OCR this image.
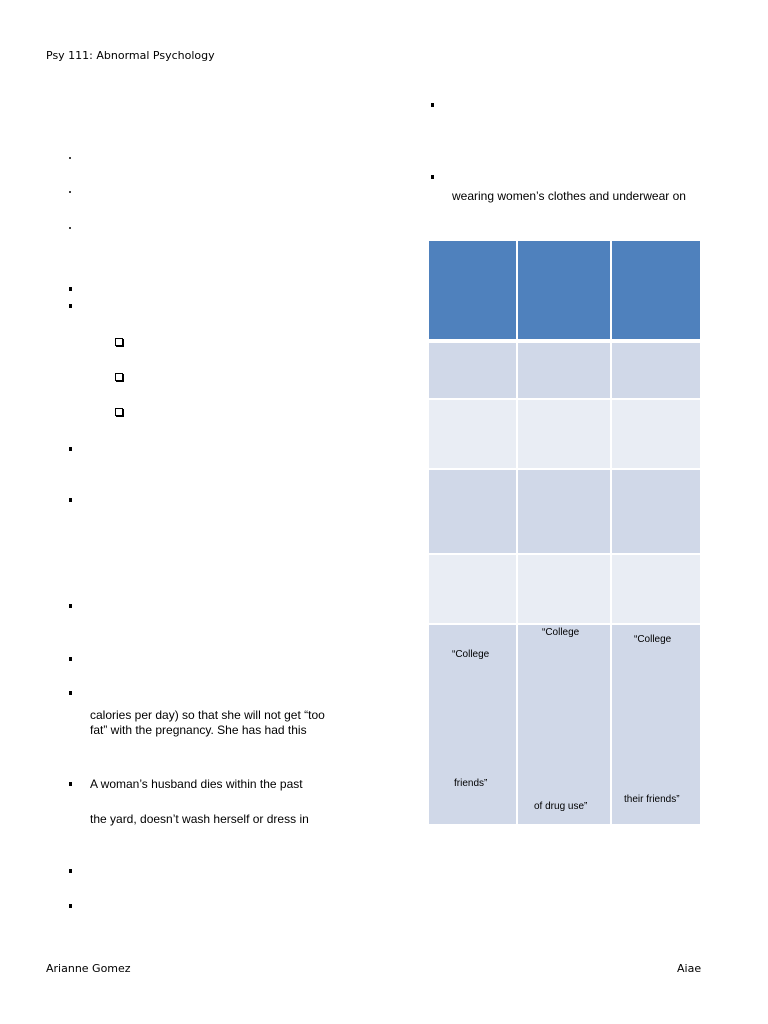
Psy 111: Abnormal Psychology
calories per day) so that she will not get “too
fat” with the pregnancy. She has had this
A woman’s husband dies within the past
the yard, doesn’t wash herself or dress in
wearing women’s clothes and underwear on
“College
friends”
“College
of drug use”
“College
their friends”
Arianne Gomez	Aiae
